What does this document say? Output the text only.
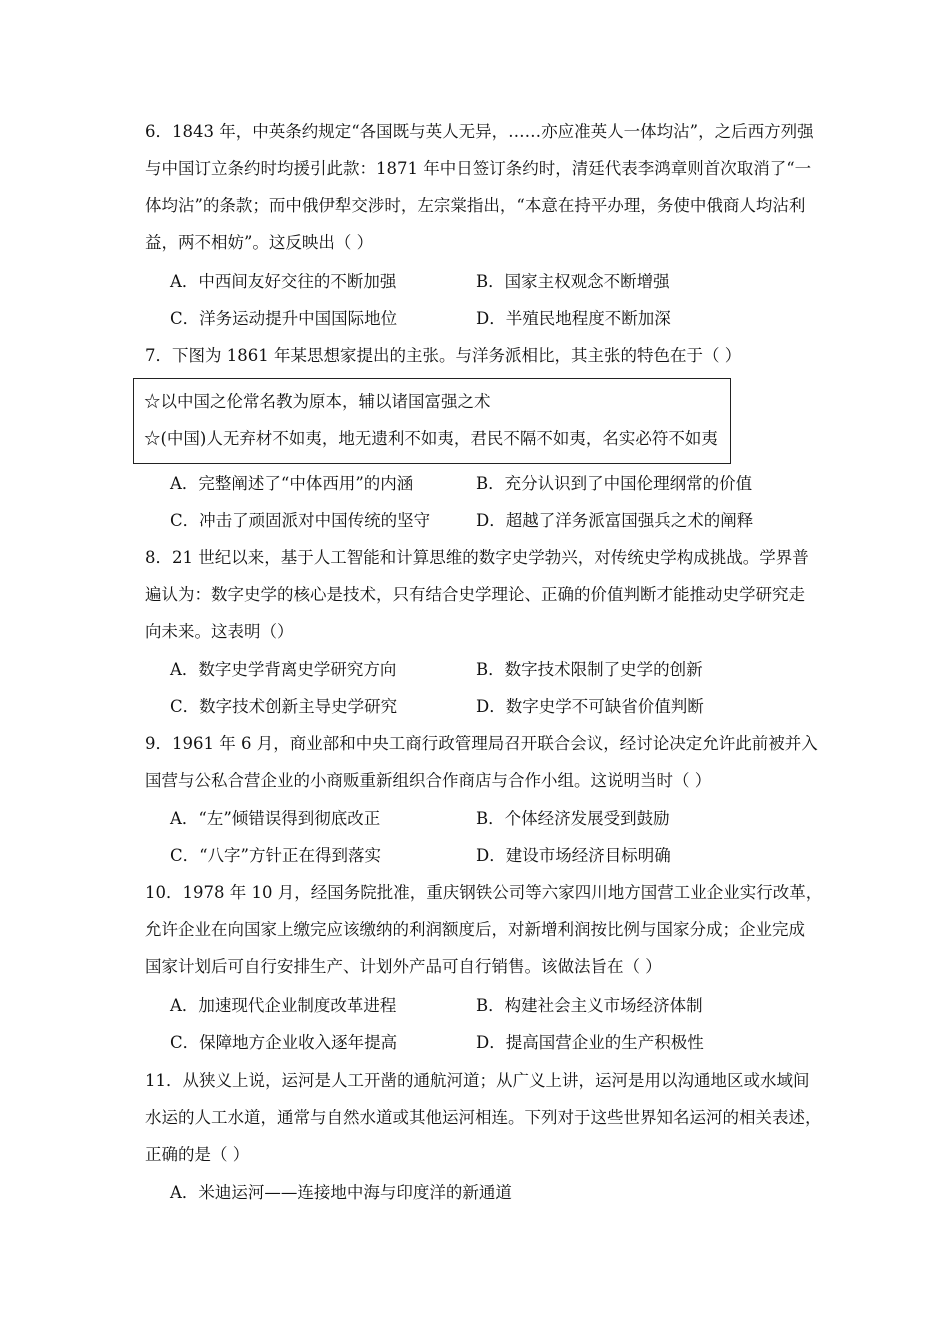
6．1843 年，中英条约规定“各国既与英人无异，……亦应准英人一体均沾”，之后西方列强
与中国订立条约时均援引此款：1871 年中日签订条约时，清廷代表李鸿章则首次取消了“一
体均沾”的条款；而中俄伊犁交涉时，左宗棠指出，“本意在持平办理，务使中俄商人均沾利
益，两不相妨”。这反映出（ ）
A．中西间友好交往的不断加强	B．国家主权观念不断增强
C．洋务运动提升中国国际地位	D．半殖民地程度不断加深
7．下图为 1861 年某思想家提出的主张。与洋务派相比，其主张的特色在于（ ）
☆以中国之伦常名教为原本，辅以诸国富强之术
☆(中国)人无弃材不如夷，地无遗利不如夷，君民不隔不如夷，名实必符不如夷
A．完整阐述了“中体西用”的内涵	B．充分认识到了中国伦理纲常的价值
C．冲击了顽固派对中国传统的坚守	D．超越了洋务派富国强兵之术的阐释
8．21 世纪以来，基于人工智能和计算思维的数字史学勃兴，对传统史学构成挑战。学界普
遍认为：数字史学的核心是技术，只有结合史学理论、正确的价值判断才能推动史学研究走
向未来。这表明（）
A．数字史学背离史学研究方向	B．数字技术限制了史学的创新
C．数字技术创新主导史学研究	D．数字史学不可缺省价值判断
9．1961 年 6 月，商业部和中央工商行政管理局召开联合会议，经讨论决定允许此前被并入
国营与公私合营企业的小商贩重新组织合作商店与合作小组。这说明当时（ ）
A．“左”倾错误得到彻底改正	B．个体经济发展受到鼓励
C．“八字”方针正在得到落实	D．建设市场经济目标明确
10．1978 年 10 月，经国务院批准，重庆钢铁公司等六家四川地方国营工业企业实行改革，
允许企业在向国家上缴完应该缴纳的利润额度后，对新增利润按比例与国家分成；企业完成
国家计划后可自行安排生产、计划外产品可自行销售。该做法旨在（ ）
A．加速现代企业制度改革进程	B．构建社会主义市场经济体制
C．保障地方企业收入逐年提高	D．提高国营企业的生产积极性
11．从狭义上说，运河是人工开凿的通航河道；从广义上讲，运河是用以沟通地区或水域间
水运的人工水道，通常与自然水道或其他运河相连。下列对于这些世界知名运河的相关表述，
正确的是（ ）
A．米迪运河——连接地中海与印度洋的新通道
